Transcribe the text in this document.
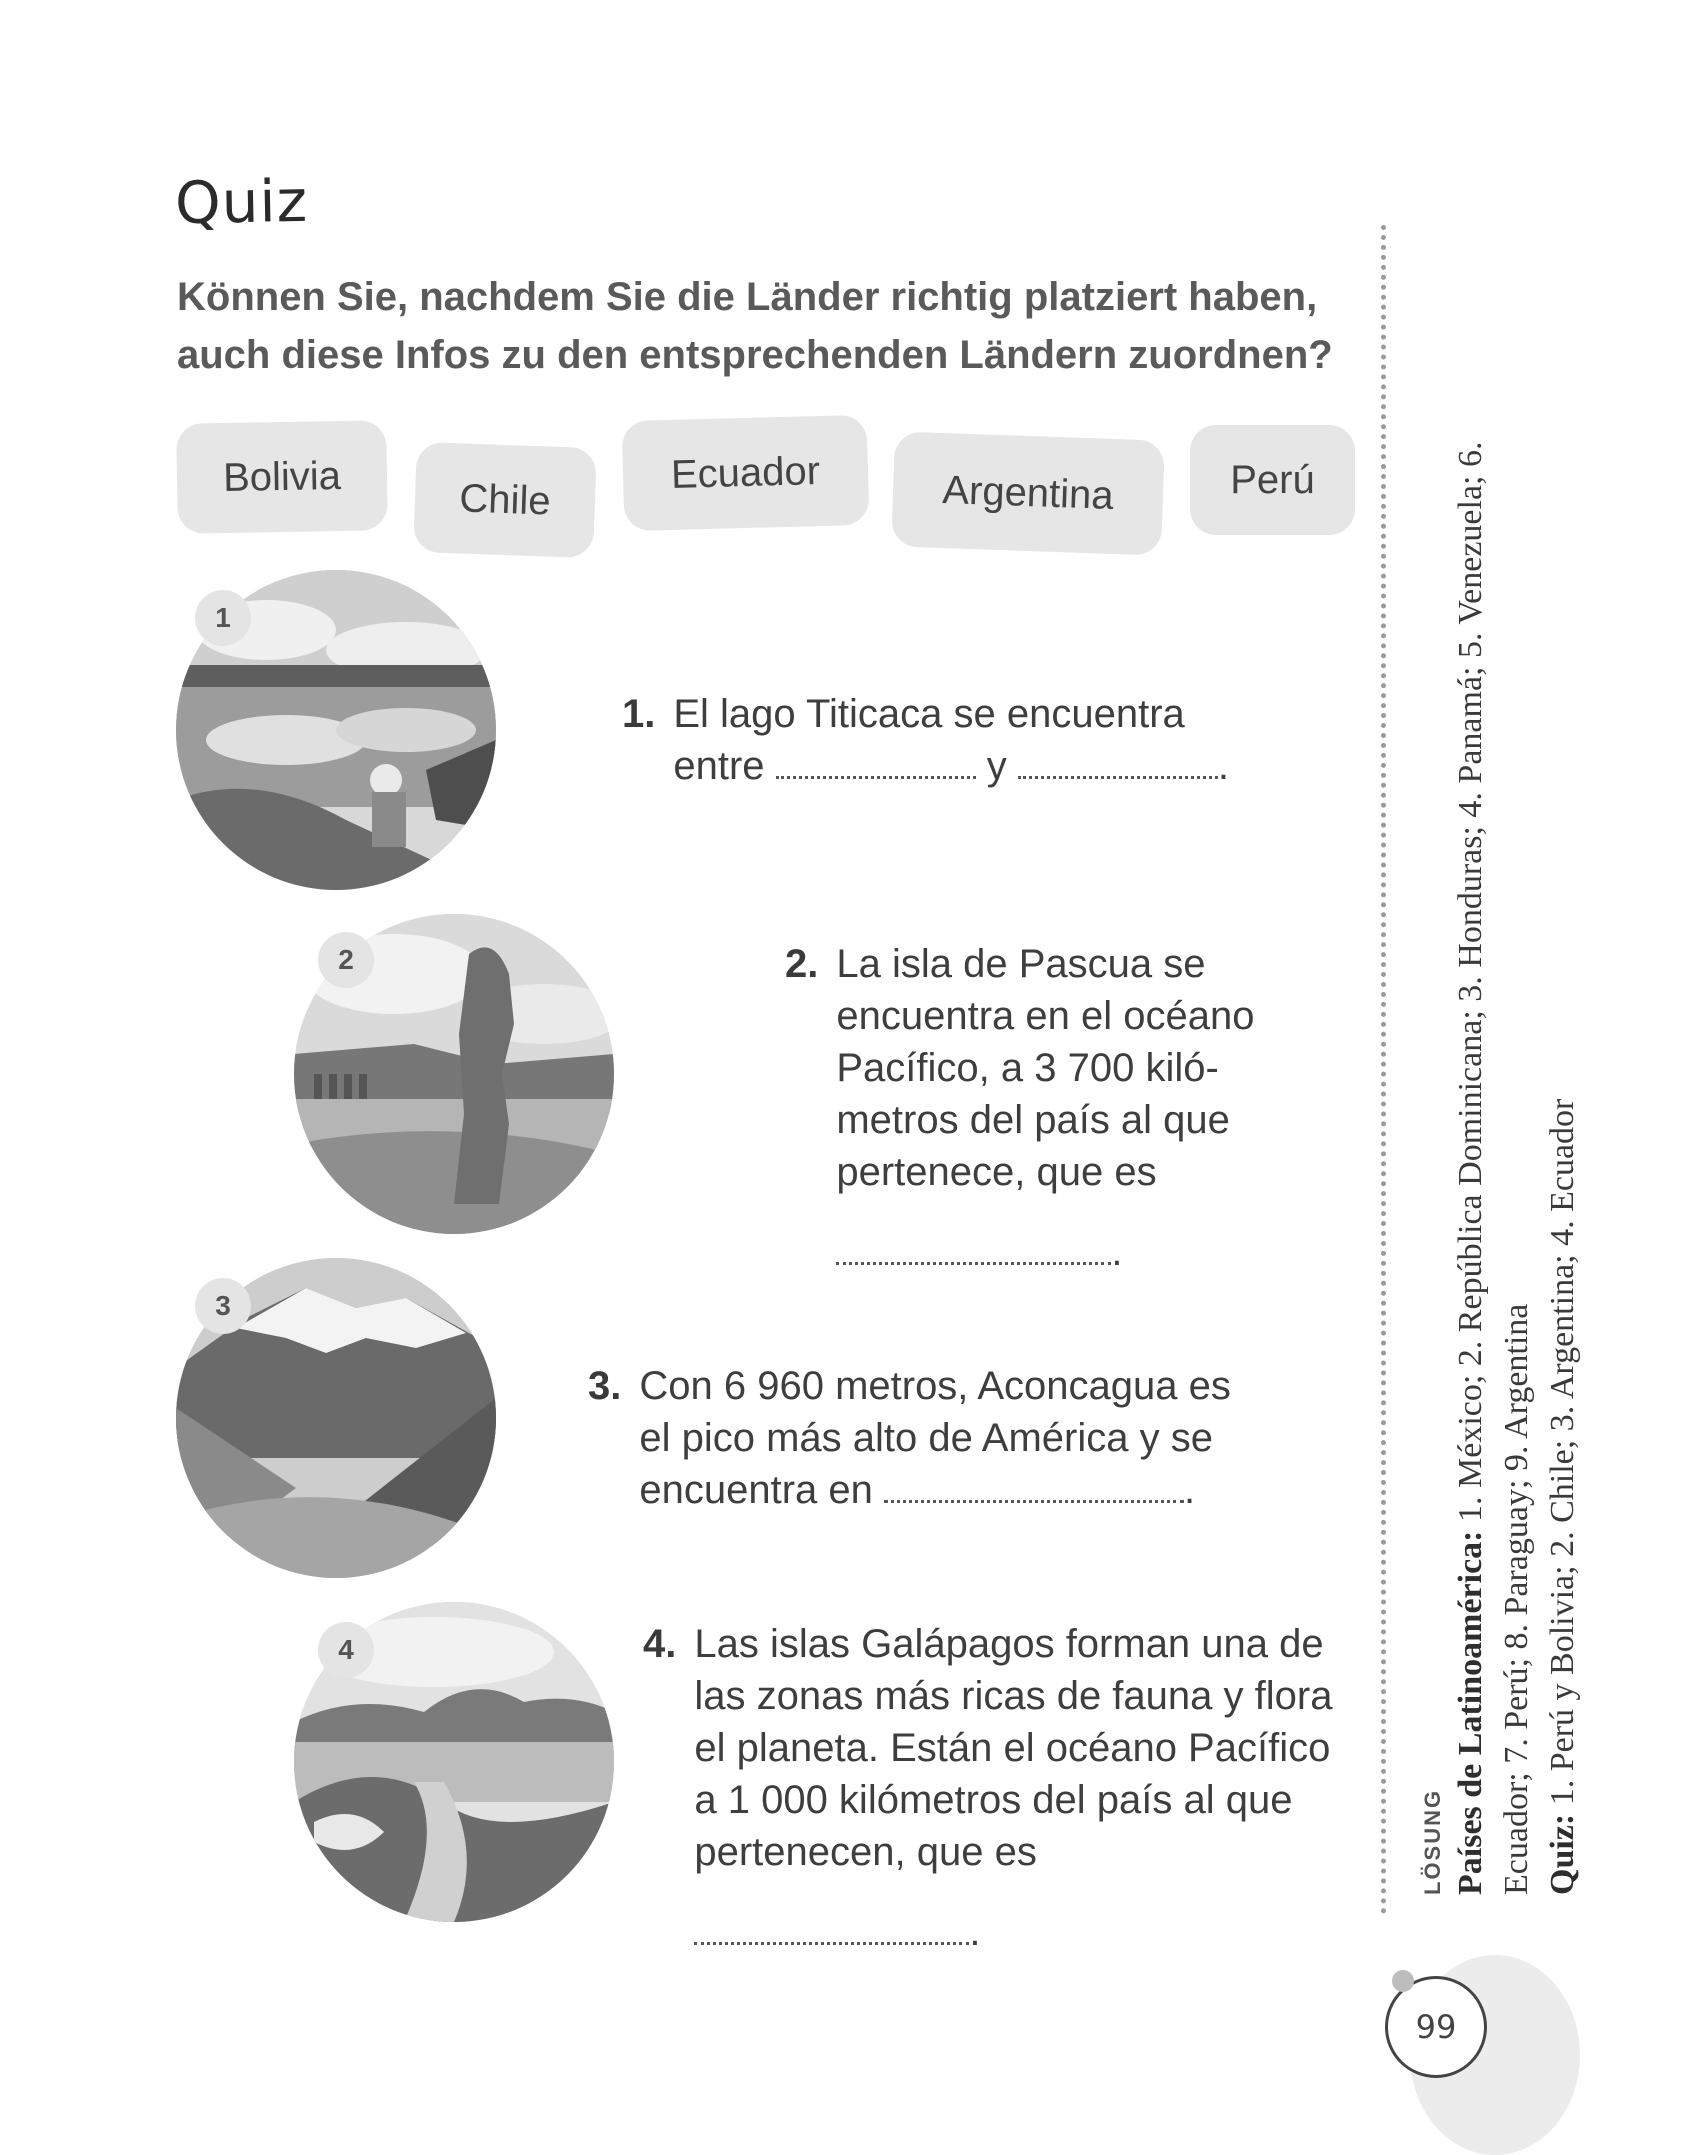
Quiz
Können Sie, nachdem Sie die Länder richtig platziert haben,
auch diese Infos zu den entsprechenden Ländern zuordnen?
Bolivia	Chile
Ecuador	Argentina	Perú
1
1. El lago Titicaca se encuentra entre	y	.
2	2. La isla de Pascua se encuentra en el océano Pacífico, a 3 700 kiló-metros del país al que pertenece, que es
.
3
3. Con 6 960 metros, Aconcagua es el pico más alto de América y se encuentra en	.
4	4. Las islas Galápagos forman una de las zonas más ricas de fauna y flora el planeta. Están el océano Pacífico a 1 000 kilómetros del país al que pertenecen, que es
.
LÖSUNG Países de Latinoamérica: 1. México; 2. República Dominicana; 3. Honduras; 4. Panamá; 5. Venezuela; 6. Ecuador; 7. Perú; 8. Paraguay; 9. Argentina Quiz: 1. Perú y Bolivia; 2. Chile; 3. Argentina; 4. Ecuador
99
